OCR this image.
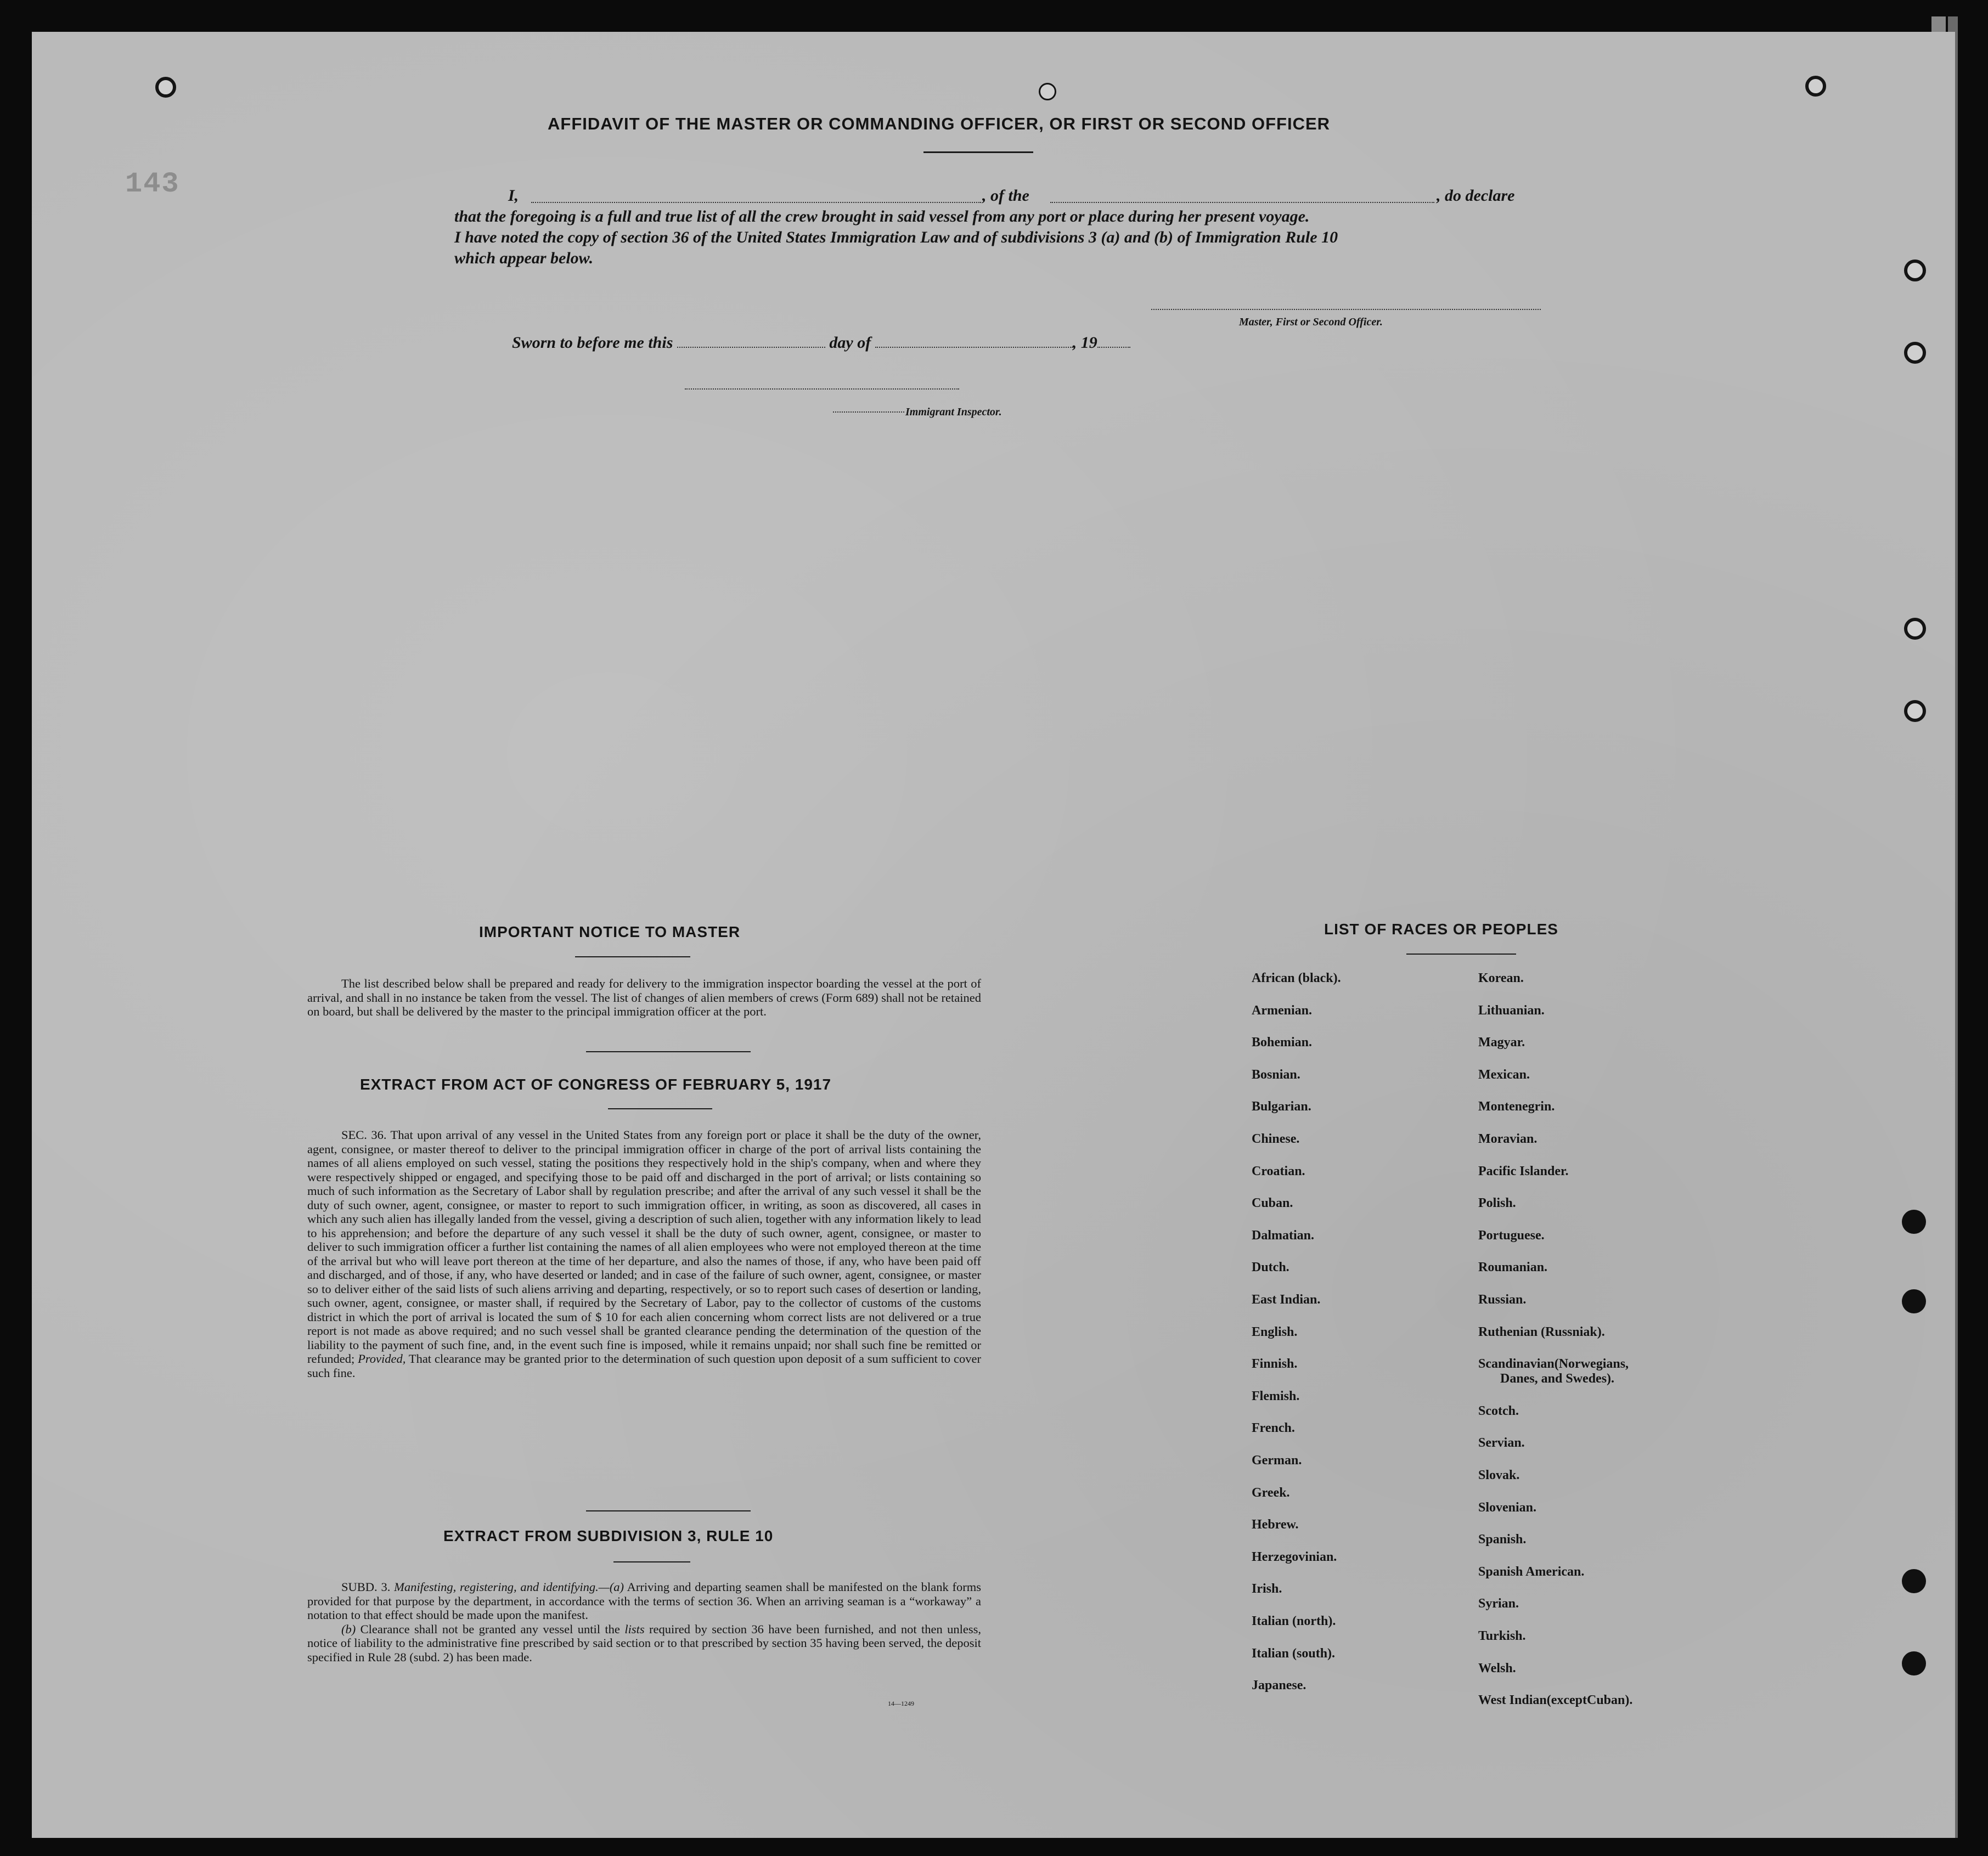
143
AFFIDAVIT OF THE MASTER OR COMMANDING OFFICER, OR FIRST OR SECOND OFFICER
I,	, of the	, do declare
that the foregoing is a full and true list of all the crew brought in said vessel from any port or place during her present voyage.
I have noted the copy of section 36 of the United States Immigration Law and of subdivisions 3 (a) and (b) of Immigration Rule 10
which appear below.
Master, First or Second Officer.
Sworn to before me this	day of	, 19
Immigrant Inspector.
IMPORTANT NOTICE TO MASTER

The list described below shall be prepared and ready for delivery to the immigration inspector boarding the vessel at the port of arrival, and shall in no instance be taken from the vessel. The list of changes of alien members of crews (Form 689) shall not be retained on board, but shall be delivered by the master to the principal immigration officer at the port.

EXTRACT FROM ACT OF CONGRESS OF FEBRUARY 5, 1917

SEC. 36. That upon arrival of any vessel in the United States from any foreign port or place it shall be the duty of the owner, agent, consignee, or master thereof to deliver to the principal immigration officer in charge of the port of arrival lists containing the names of all aliens employed on such vessel, stating the positions they respectively hold in the ship's company, when and where they were respectively shipped or engaged, and specifying those to be paid off and discharged in the port of arrival; or lists containing so much of such information as the Secretary of Labor shall by regulation prescribe; and after the arrival of any such vessel it shall be the duty of such owner, agent, consignee, or master to report to such immigration officer, in writing, as soon as discovered, all cases in which any such alien has illegally landed from the vessel, giving a description of such alien, together with any information likely to lead to his apprehension; and before the departure of any such vessel it shall be the duty of such owner, agent, consignee, or master to deliver to such immigration officer a further list containing the names of all alien employees who were not employed thereon at the time of the arrival but who will leave port thereon at the time of her departure, and also the names of those, if any, who have been paid off and discharged, and of those, if any, who have deserted or landed; and in case of the failure of such owner, agent, consignee, or master so to deliver either of the said lists of such aliens arriving and departing, respectively, or so to report such cases of desertion or landing, such owner, agent, consignee, or master shall, if required by the Secretary of Labor, pay to the collector of customs of the customs district in which the port of arrival is located the sum of $ 10 for each alien concerning whom correct lists are not delivered or a true report is not made as above required; and no such vessel shall be granted clearance pending the determination of the question of the liability to the payment of such fine, and, in the event such fine is imposed, while it remains unpaid; nor shall such fine be remitted or refunded; Provided, That clearance may be granted prior to the determination of such question upon deposit of a sum sufficient to cover such fine.

EXTRACT FROM SUBDIVISION 3, RULE 10

SUBD. 3. Manifesting, registering, and identifying.—(a) Arriving and departing seamen shall be manifested on the blank forms provided for that purpose by the department, in accordance with the terms of section 36. When an arriving seaman is a “workaway” a notation to that effect should be made upon the manifest.

(b) Clearance shall not be granted any vessel until the lists required by section 36 have been furnished, and not then unless, notice of liability to the administrative fine prescribed by said section or to that prescribed by section 35 having been served, the deposit specified in Rule 28 (subd. 2) has been made.

14—1249
LIST OF RACES OR PEOPLES
African (black).
Armenian.
Bohemian.
Bosnian.
Bulgarian.
Chinese.
Croatian.
Cuban.
Dalmatian.
Dutch.
East Indian.
English.
Finnish.
Flemish.
French.
German.
Greek.
Hebrew.
Herzegovinian.
Irish.
Italian (north).
Italian (south).
Japanese.
Korean.
Lithuanian.
Magyar.
Mexican.
Montenegrin.
Moravian.
Pacific Islander.
Polish.
Portuguese.
Roumanian.
Russian.
Ruthenian (Russniak).
Scandinavian(Norwegians,
Danes, and Swedes).
Scotch.
Servian.
Slovak.
Slovenian.
Spanish.
Spanish American.
Syrian.
Turkish.
Welsh.
West Indian(exceptCuban).
